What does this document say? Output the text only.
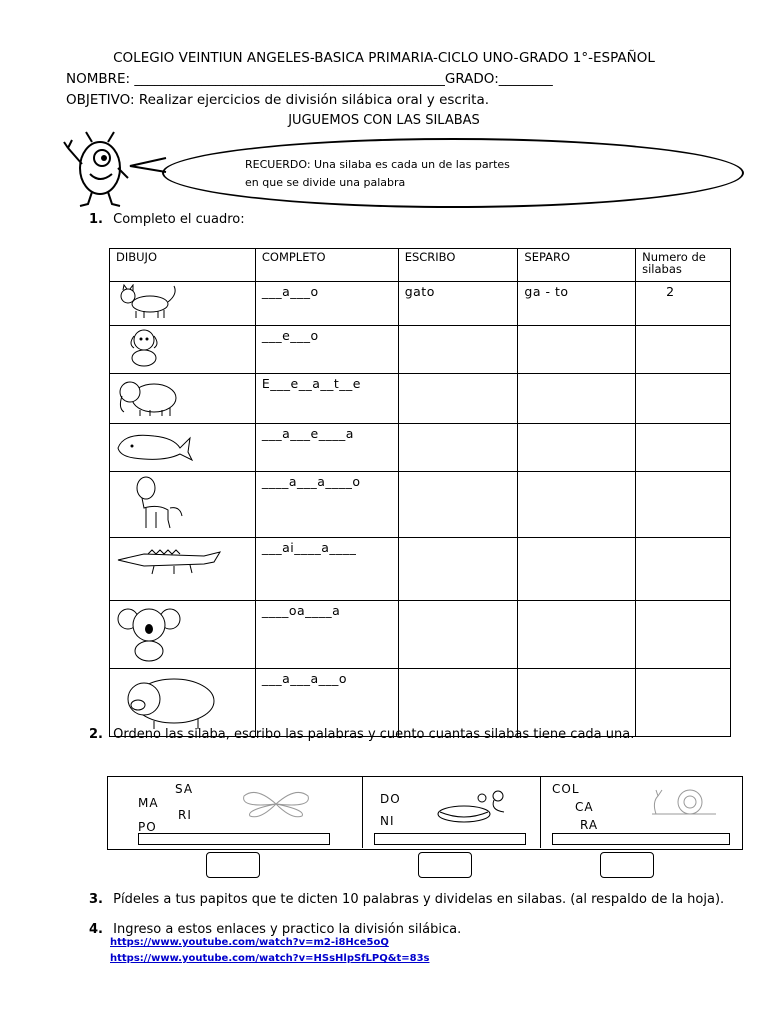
COLEGIO VEINTIUN ANGELES-BASICA PRIMARIA-CICLO UNO-GRADO 1°-ESPAÑOL
NOMBRE: ______________________________________________GRADO:________
OBJETIVO: Realizar ejercicios de división silábica oral y escrita.
JUGUEMOS CON LAS SILABAS
RECUERDO: Una silaba es cada un de las partes
en que se divide una palabra
1. Completo el cuadro:
DIBUJO	COMPLETO	ESCRIBO	SEPARO	Numero de silabas
	___a___o	gato	ga - to	2
	___e___o			
	E___e__a__t__e			
	___a___e____a			
	____a___a____o			
	___ai____a____			
	____oa____a			
	___a___a___o			
2. Ordeno las silaba, escribo las palabras y cuento cuantas silabas tiene cada una.
SA
MA
RI
PO
DO
NI
COL
CA
RA
3. Pídeles a tus papitos que te dicten 10 palabras y dividelas en silabas. (al respaldo de la hoja).
4. Ingreso a estos enlaces y practico la división silábica.
https://www.youtube.com/watch?v=m2-i8Hce5oQ
https://www.youtube.com/watch?v=HSsHlpSfLPQ&t=83s
